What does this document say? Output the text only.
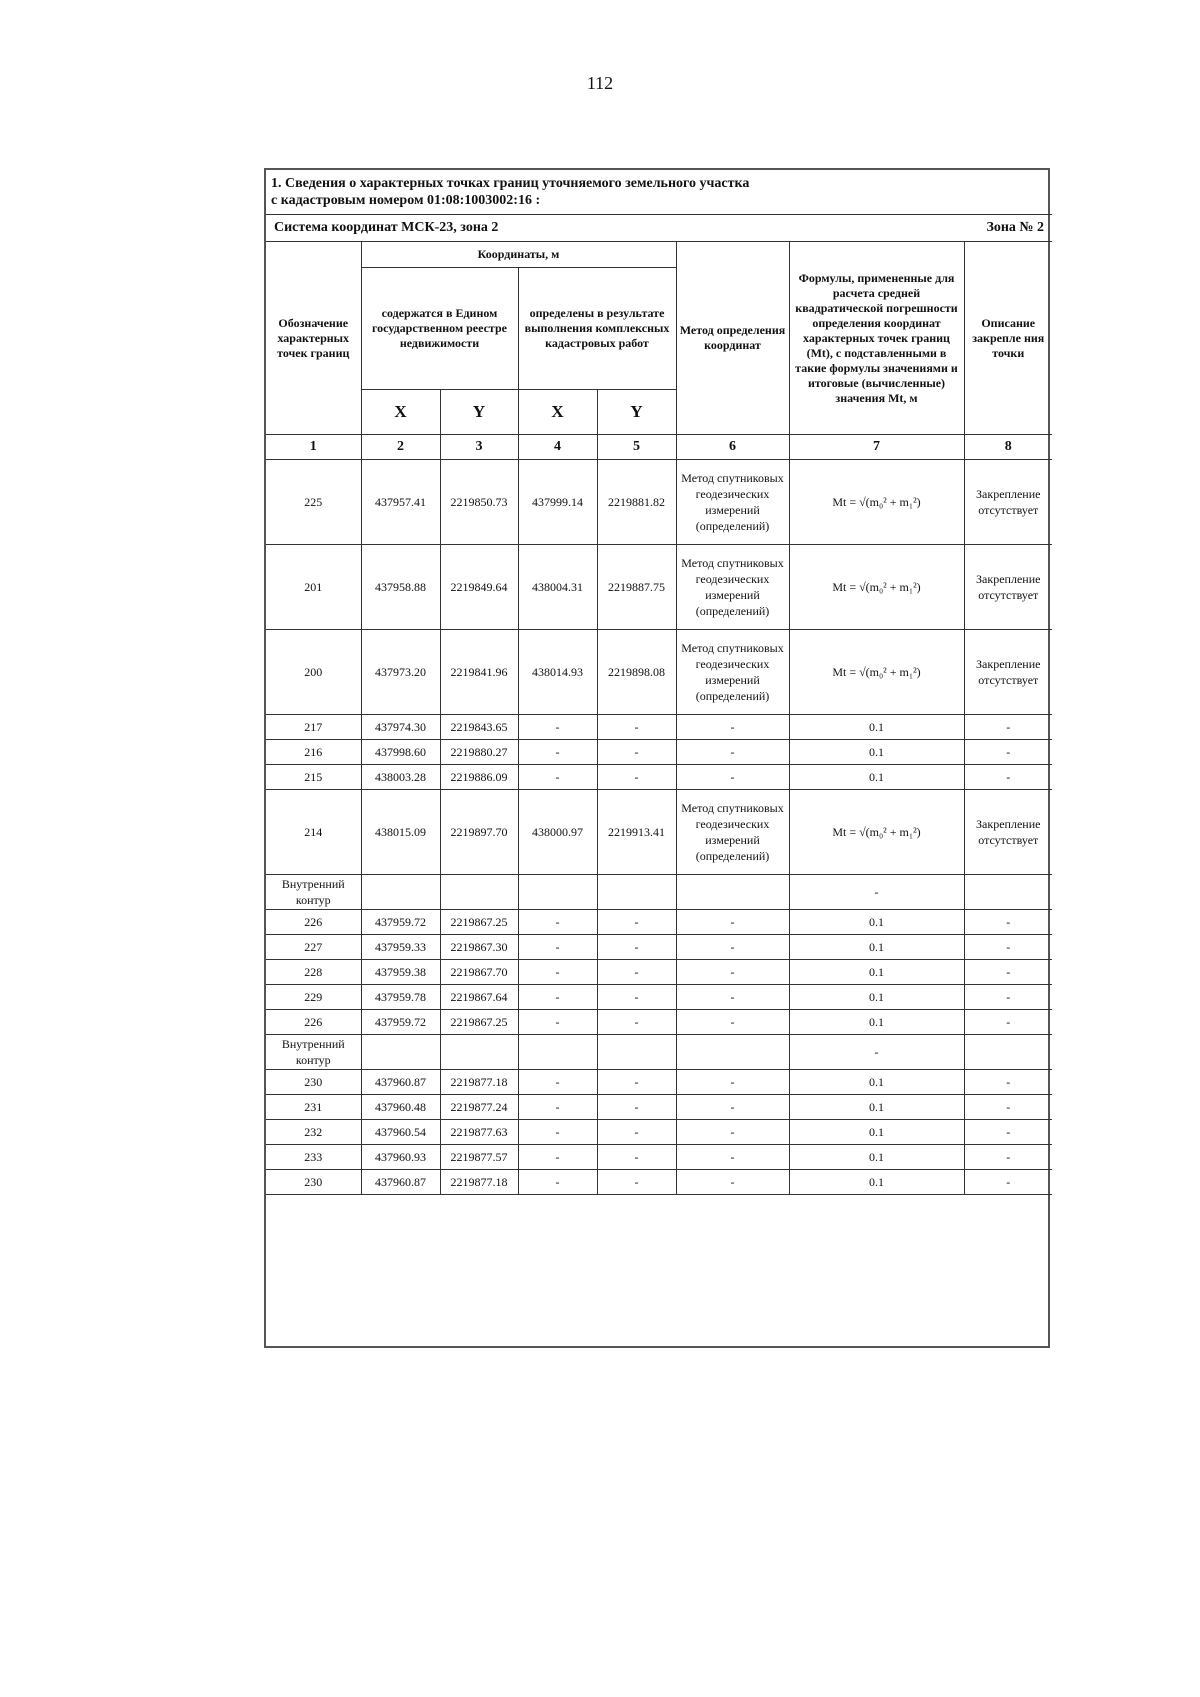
112
1. Сведения о характерных точках границ уточняемого земельного участка
с кадастровым номером 01:08:1003002:16 :							

Система координат МСК-23, зона 2 Зона № 2							

Обозначение характерных точек границ	Координаты, м				Метод определения координат	Формулы, примененные для расчета средней квадратической погрешности определения координат характерных точек границ (Mt), с подставленными в такие формулы значениями и итоговые (вычисленные) значения Mt, м	Описание закрепле ния точки
	содержатся в Едином государственном реестре недвижимости		определены в результате выполнения комплексных кадастровых работ				
	X	Y	X	Y			
1	2	3	4	5	6	7	8
225	437957.41	2219850.73	437999.14	2219881.82	Метод спутниковых геодезических измерений (определений)	Mt = √(m₀² + m₁²)	Закрепление отсутствует
201	437958.88	2219849.64	438004.31	2219887.75	Метод спутниковых геодезических измерений (определений)	Mt = √(m₀² + m₁²)	Закрепление отсутствует
200	437973.20	2219841.96	438014.93	2219898.08	Метод спутниковых геодезических измерений (определений)	Mt = √(m₀² + m₁²)	Закрепление отсутствует
217	437974.30	2219843.65	-	-	-	0.1	-
216	437998.60	2219880.27	-	-	-	0.1	-
215	438003.28	2219886.09	-	-	-	0.1	-
214	438015.09	2219897.70	438000.97	2219913.41	Метод спутниковых геодезических измерений (определений)	Mt = √(m₀² + m₁²)	Закрепление отсутствует
Внутренний контур						-	
226	437959.72	2219867.25	-	-	-	0.1	-
227	437959.33	2219867.30	-	-	-	0.1	-
228	437959.38	2219867.70	-	-	-	0.1	-
229	437959.78	2219867.64	-	-	-	0.1	-
226	437959.72	2219867.25	-	-	-	0.1	-
Внутренний контур						-	
230	437960.87	2219877.18	-	-	-	0.1	-
231	437960.48	2219877.24	-	-	-	0.1	-
232	437960.54	2219877.63	-	-	-	0.1	-
233	437960.93	2219877.57	-	-	-	0.1	-
230	437960.87	2219877.18	-	-	-	0.1	-
